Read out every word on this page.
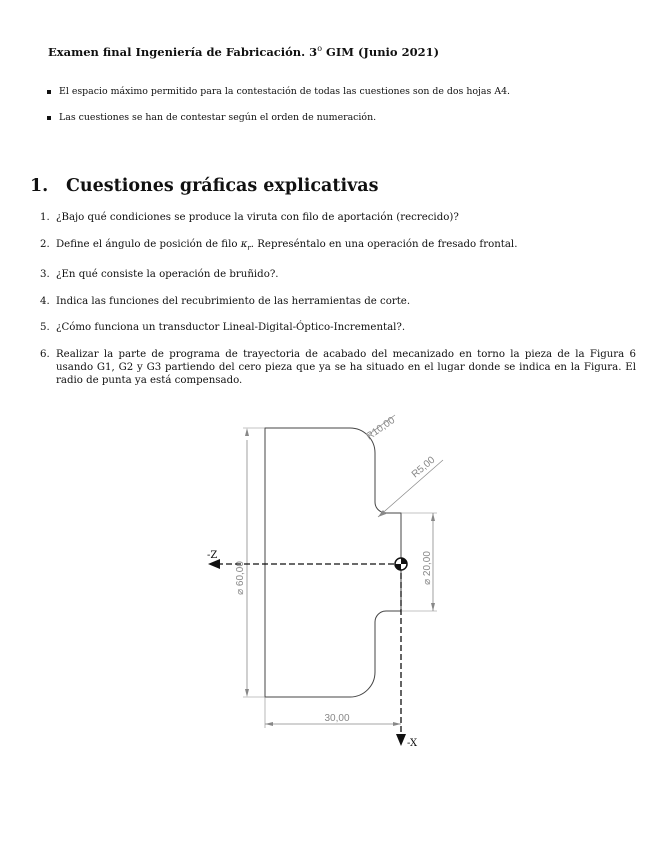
Examen final Ingeniería de Fabricación. 3$^o$ GIM (Junio 2021)
El espacio máximo permitido para la contestación de todas las cuestiones son de dos hojas A4.
Las cuestiones se han de contestar según el orden de numeración.
1. Cuestiones gráficas explicativas
1. ¿Bajo qué condiciones se produce la viruta con filo de aportación (recrecido)?
2. Define el ángulo de posición de filo $\kappa_r$. Represéntalo en una operación de fresado frontal.
3. ¿En qué consiste la operación de bruñido?.
4. Indica las funciones del recubrimiento de las herramientas de corte.
5. ¿Cómo funciona un transductor Lineal-Digital-Óptico-Incremental?.
6. Realizar la parte de programa de trayectoria de acabado del mecanizado en torno la pieza de la Figura 6 usando G1, G2 y G3 partiendo del cero pieza que ya se ha situado en el lugar donde se indica en la Figura. El radio de punta ya está compensado.
⌀ 60,00	⌀ 20,00
30,00
R10,00
R5,00
-Z
-X
